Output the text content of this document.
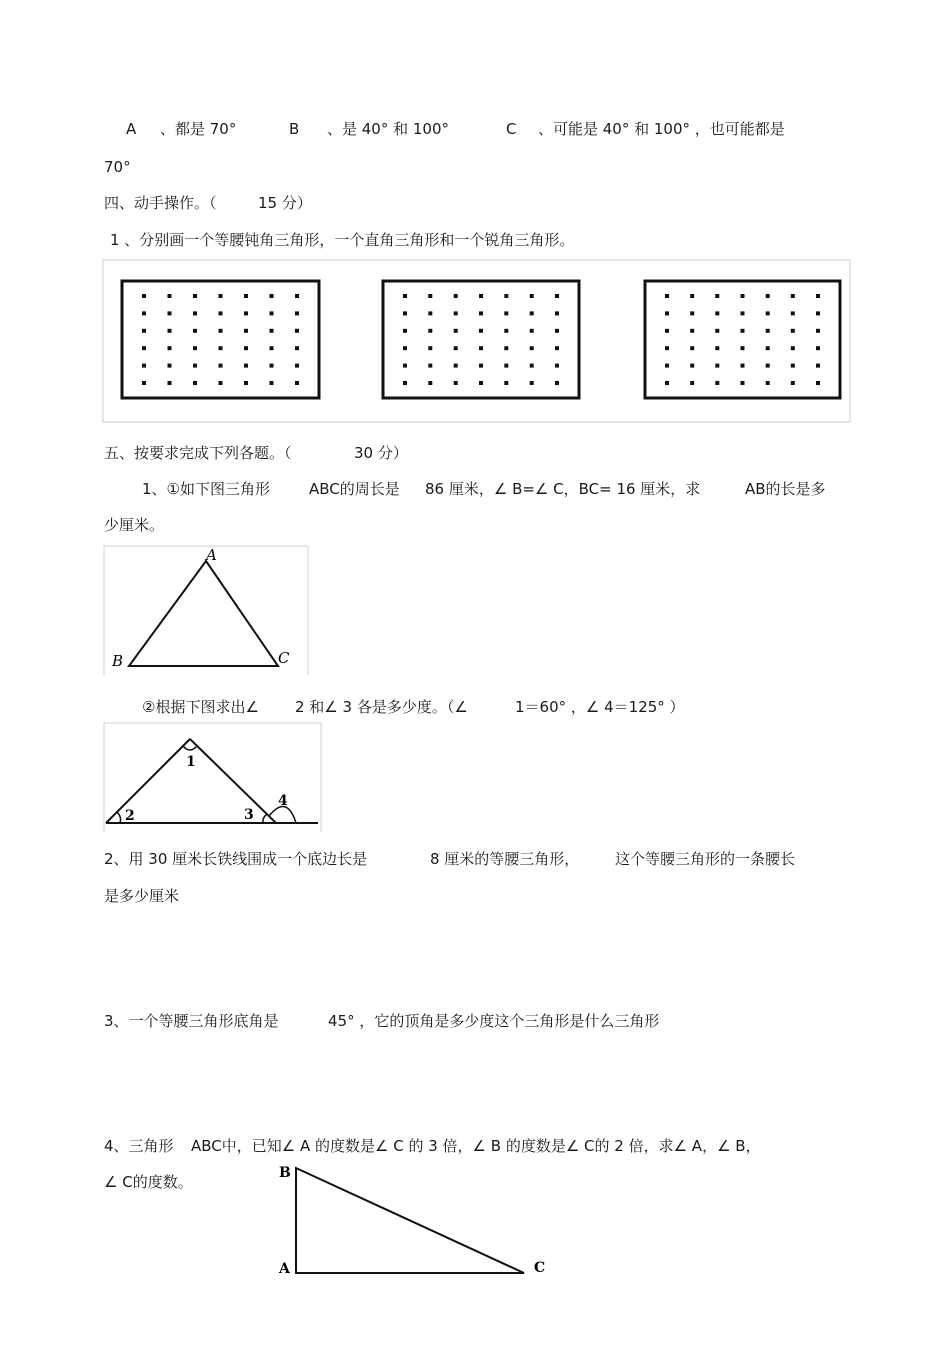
A 、都是 70°	B 、是 40° 和 100°	C 、可能是 40° 和 100° ，也可能都是
70°
四、动手操作。（	15 分）
1 、分别画一个等腰钝角三角形，一个直角三角形和一个锐角三角形。
五、按要求完成下列各题。（	30 分）
1、①如下图三角形	ABC的周长是 86 厘米，∠ B=∠ C，BC= 16 厘米，求	AB的长是多
少厘米。
A
B	C
②根据下图求出∠ 2 和∠ 3 各是多少度。（∠	1＝60° ，∠ 4＝125° ）
1
2	3
4
2、用 30 厘米长铁线围成一个底边长是	8 厘米的等腰三角形， 这个等腰三角形的一条腰长
是多少厘米
3、一个等腰三角形底角是	45° ，它的顶角是多少度这个三角形是什么三角形
4、三角形 ABC中，已知∠ A 的度数是∠ C 的 3 倍，∠ B 的度数是∠ C的 2 倍，求∠ A，∠ B，
∠ C的度数。	B
A	C
